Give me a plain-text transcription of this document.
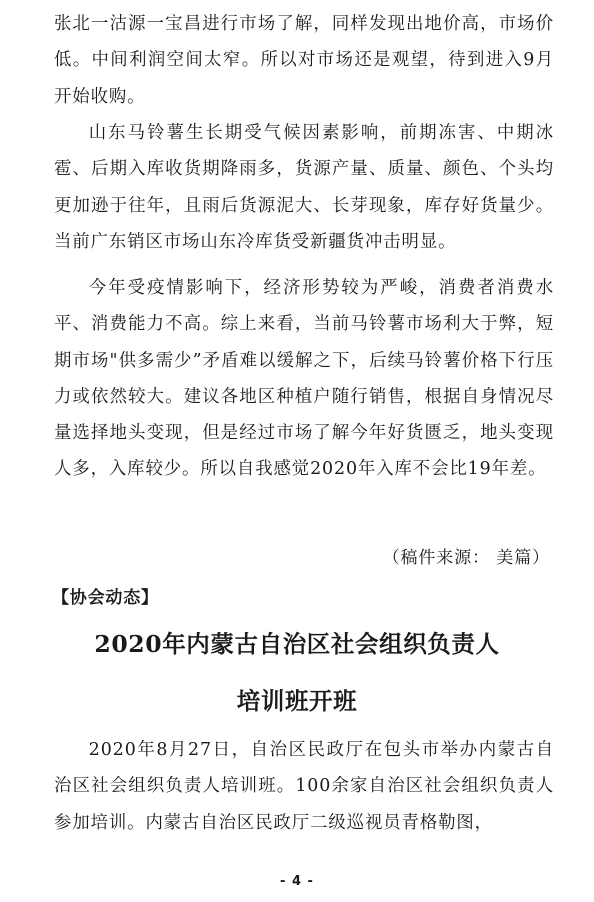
张北一沽源一宝昌进行市场了解，同样发现出地价高，市场价低。中间利润空间太窄。所以对市场还是观望，待到进入9月开始收购。

山东马铃薯生长期受气候因素影响，前期冻害、中期冰雹、后期入库收货期降雨多，货源产量、质量、颜色、个头均更加逊于往年，且雨后货源泥大、长芽现象，库存好货量少。当前广东销区市场山东冷库货受新疆货冲击明显。

今年受疫情影响下，经济形势较为严峻，消费者消费水平、消费能力不高。综上来看，当前马铃薯市场利大于弊，短期市场"供多需少”矛盾难以缓解之下，后续马铃薯价格下行压力或依然较大。建议各地区种植户随行销售，根据自身情况尽量选择地头变现，但是经过市场了解今年好货匮乏，地头变现人多，入库较少。所以自我感觉2020年入库不会比19年差。

（稿件来源： 美篇）
【协会动态】
2020年内蒙古自治区社会组织负责人
培训班开班

2020年8月27日，自治区民政厅在包头市举办内蒙古自治区社会组织负责人培训班。100余家自治区社会组织负责人参加培训。内蒙古自治区民政厅二级巡视员青格勒图，

- 4 -
